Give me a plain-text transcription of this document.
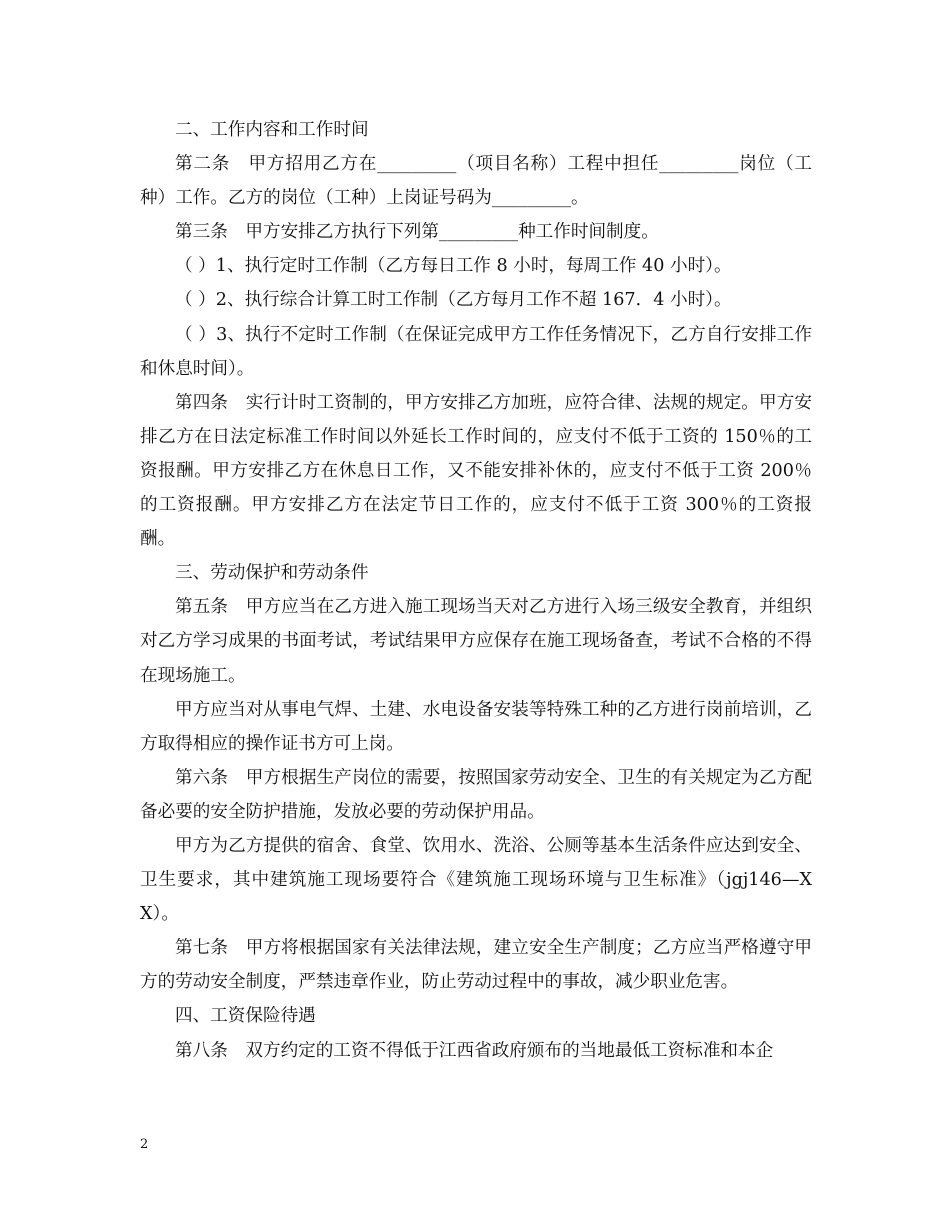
二、工作内容和工作时间

第二条　甲方招用乙方在_________（项目名称）工程中担任_________岗位（工种）工作。乙方的岗位（工种）上岗证号码为_________。

第三条　甲方安排乙方执行下列第_________种工作时间制度。

（ ）1、执行定时工作制（乙方每日工作 8 小时，每周工作 40 小时）。

（ ）2、执行综合计算工时工作制（乙方每月工作不超 167．4 小时）。

（ ）3、执行不定时工作制（在保证完成甲方工作任务情况下，乙方自行安排工作和休息时间）。

第四条　实行计时工资制的，甲方安排乙方加班，应符合律、法规的规定。甲方安排乙方在日法定标准工作时间以外延长工作时间的，应支付不低于工资的 150％的工资报酬。甲方安排乙方在休息日工作，又不能安排补休的，应支付不低于工资 200％的工资报酬。甲方安排乙方在法定节日工作的，应支付不低于工资 300％的工资报酬。

三、劳动保护和劳动条件

第五条　甲方应当在乙方进入施工现场当天对乙方进行入场三级安全教育，并组织对乙方学习成果的书面考试，考试结果甲方应保存在施工现场备查，考试不合格的不得在现场施工。

甲方应当对从事电气焊、土建、水电设备安装等特殊工种的乙方进行岗前培训，乙方取得相应的操作证书方可上岗。

第六条　甲方根据生产岗位的需要，按照国家劳动安全、卫生的有关规定为乙方配备必要的安全防护措施，发放必要的劳动保护用品。

甲方为乙方提供的宿舍、食堂、饮用水、洗浴、公厕等基本生活条件应达到安全、卫生要求，其中建筑施工现场要符合《建筑施工现场环境与卫生标准》（jgj146—XX）。

第七条　甲方将根据国家有关法律法规，建立安全生产制度；乙方应当严格遵守甲方的劳动安全制度，严禁违章作业，防止劳动过程中的事故，减少职业危害。

四、工资保险待遇

第八条　双方约定的工资不得低于江西省政府颁布的当地最低工资标准和本企

2
